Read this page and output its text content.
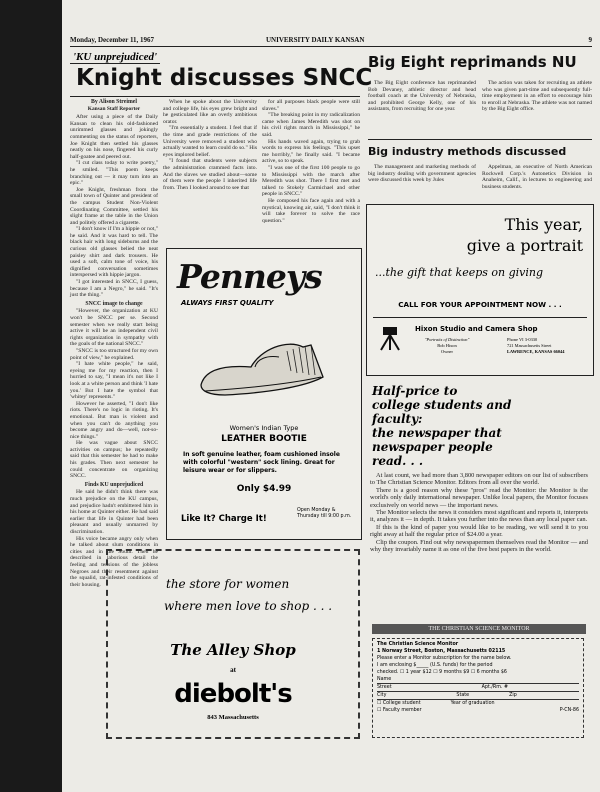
Monday, December 11, 1967	UNIVERSITY DAILY KANSAN	9
'KU unprejudiced'
Knight discusses SNCC
By Alison Streimel
Kansan Staff Reporter

After using a piece of the Daily Kansan to clean his old-fashioned unrimmed glasses and jokingly commenting on the status of reporters, Joe Knight then settled his glasses neatly on his nose, fingered his curly half-goatee and peered out.

"I cut class today to write poetry," he smiled. "This poem keeps branching out — it may turn into an epic."

Joe Knight, freshman from the small town of Quinter and president of the campus Student Non-Violent Coordinating Committee, settled his slight frame at the table in the Union and politely offered a cigarette.

"I don't know if I'm a hippie or not," he said. And it was hard to tell. The black hair with long sideburns and the curious old glasses belied the neat paisley shirt and dark trousers. He used a soft, calm tone of voice, his dignified conversation sometimes interspersed with hippie jargon.

"I got interested in SNCC, I guess, because I am a Negro," he said. "It's just the thing."

SNCC image to change

"However, the organization at KU won't be SNCC per se. Second semester when we really start being active it will be an independent civil rights organization in sympathy with the goals of the national SNCC."

"SNCC is too structured for my own point of view," he explained.

"I hate white people," he said, eyeing me for my reaction, then I hurried to say, "I mean it's not like I look at a white person and think 'I hate you.' But I hate the symbol that 'whitey' represents."

However he asserted, "I don't like riots. There's no logic in rioting. It's emotional. But man is violent and when you can't do anything you become angry and do—well, not-so-nice things."

He was vague about SNCC activities on campus; he repeatedly said that this semester he had to make his grades. Then next semester he could concentrate on organizing SNCC.

Finds KU unprejudiced

He said he didn't think there was much prejudice on the KU campus, and prejudice hadn't embittered him in his home at Quinter either. He had said earlier that life in Quinter had been pleasant and usually unmarred by discrimination.

His voice became angry only when he talked about slum conditions in cities and in the South. Then he described in laborious detail the feeling and tensions of the jobless Negroes and their resentment against the squalid, rat-infested conditions of their housing.

When he spoke about the University and college life, his eyes grew bright and he gesticulated like an overly ambitious orator.

"I'm essentially a student. I feel that if the time and grade restrictions of the University were removed a student who actually wanted to learn could do so." His eyes implored belief.

"I found that students were subjects the administration crammed facts into. And the slaves we studied about—some of them were the people I inherited life from. Then I looked around to see that

for all purposes black people were still slaves."

"The breaking point in my radicalization came when James Meredith was shot on his civil rights march in Mississippi," he said.

His hands waved again, trying to grab words to express his feelings. "This upset me horribly," he finally said. "I became active, so to speak.

"I was one of the first 100 people to go to Mississippi with the march after Meredith was shot. There I first met and talked to Stokely Carmichael and other people in SNCC."

He composed his face again and with a mystical, knowing air, said, "I don't think it will take forever to solve the race question."

Big Eight reprimands NU

The Big Eight conference has reprimanded Bob Devaney, athletic director and head football coach at the University of Nebraska, and prohibited George Kelly, one of his assistants, from recruiting for one year.

The action was taken for recruiting an athlete who was given part-time and subsequently full-time employment in an effort to encourage him to enroll at Nebraska. The athlete was not named by the Big Eight office.

Big industry methods discussed

The management and marketing methods of big industry dealing with government agencies were discussed this week by Jules

Appelman, an executive of North American Rockwell Corp.'s Autonetics Division in Anaheim, Calif., in lectures to engineering and business students.

Penneys
ALWAYS FIRST QUALITY
Women's Indian Type
LEATHER BOOTIE
In soft genuine leather, foam cushioned insole with colorful "western" sock lining. Great for leisure wear or for slippers.
Only $4.99
Like It? Charge It!
Open Monday & Thursday till 9:00 p.m.
This year,
give a portrait
...the gift that keeps on giving
CALL FOR YOUR APPOINTMENT NOW . . .
Hixon Studio and Camera Shop
"Portraits of Distinction"
Bob Hixon
Owner
Phone VI 3-0330
721 Massachusetts Street
LAWRENCE, KANSAS 66044
Half-price to
college students and
faculty:
the newspaper that
newspaper people
read. . .

At last count, we had more than 3,800 newspaper editors on our list of subscribers to The Christian Science Monitor. Editors from all over the world.

There is a good reason why these "pros" read the Monitor: the Monitor is the world's only daily international newspaper. Unlike local papers, the Monitor focuses exclusively on world news — the important news.

The Monitor selects the news it considers most significant and reports it, interprets it, analyzes it — in depth. It takes you further into the news than any local paper can.

If this is the kind of paper you would like to be reading, we will send it to you right away at half the regular price of $24.00 a year.

Clip the coupon. Find out why newspapermen themselves read the Monitor — and why they invariably name it as one of the five best papers in the world.

THE CHRISTIAN SCIENCE MONITOR
The Christian Science Monitor
1 Norway Street, Boston, Massachusetts 02115
Please enter a Monitor subscription for the name below.
I am enclosing $_____ (U.S. funds) for the period
checked. ☐ 1 year $12 ☐ 9 months $9 ☐ 6 months $6
Name
Street	Apt./Rm. #
City	State	Zip
☐ College student	Year of graduation
☐ Faculty member	P-CN-86
the store for women
where men love to shop . . .
The Alley Shop
at
diebolt's
843 Massachusetts
